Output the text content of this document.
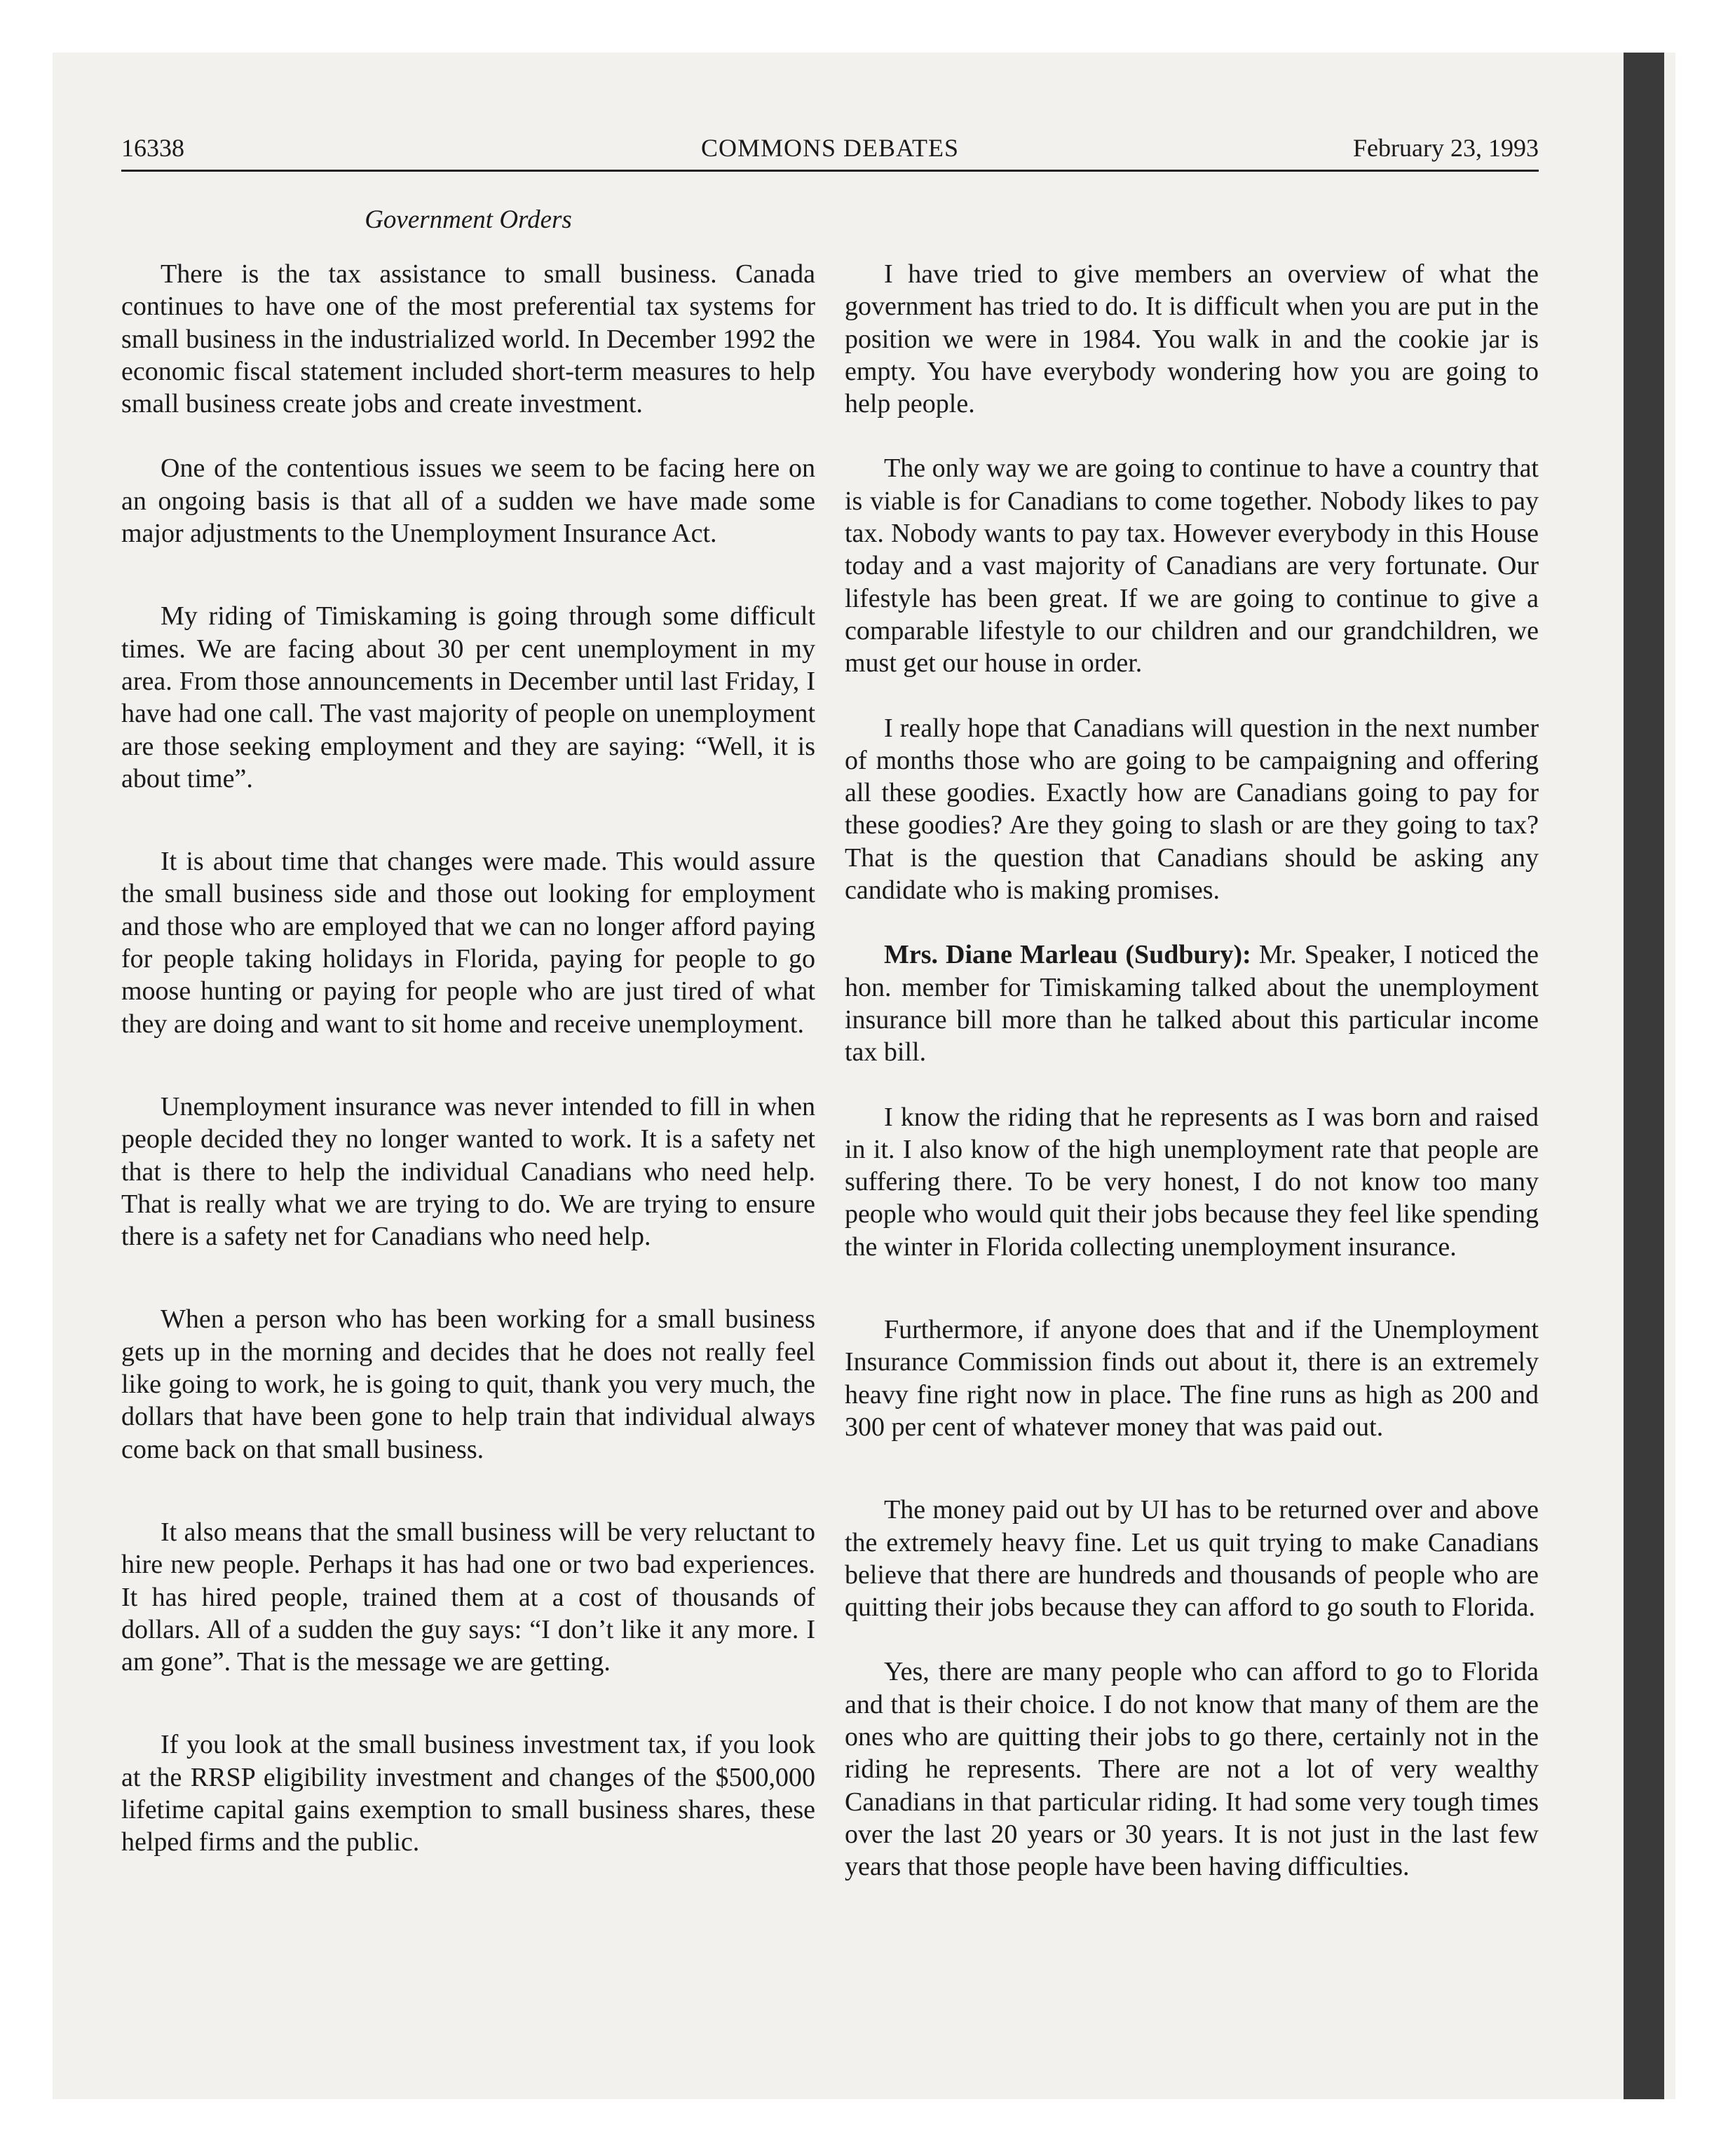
16338	COMMONS DEBATES	February 23, 1993
Government Orders

There is the tax assistance to small business. Canada continues to have one of the most preferential tax systems for small business in the industrialized world. In December 1992 the economic fiscal statement included short-term measures to help small business create jobs and create investment.

One of the contentious issues we seem to be facing here on an ongoing basis is that all of a sudden we have made some major adjustments to the Unemployment Insurance Act.

My riding of Timiskaming is going through some difficult times. We are facing about 30 per cent unemployment in my area. From those announcements in December until last Friday, I have had one call. The vast majority of people on unemployment are those seeking employment and they are saying: “Well, it is about time”.

It is about time that changes were made. This would assure the small business side and those out looking for employment and those who are employed that we can no longer afford paying for people taking holidays in Florida, paying for people to go moose hunting or paying for people who are just tired of what they are doing and want to sit home and receive unemployment.

Unemployment insurance was never intended to fill in when people decided they no longer wanted to work. It is a safety net that is there to help the individual Canadians who need help. That is really what we are trying to do. We are trying to ensure there is a safety net for Canadians who need help.

When a person who has been working for a small business gets up in the morning and decides that he does not really feel like going to work, he is going to quit, thank you very much, the dollars that have been gone to help train that individual always come back on that small business.

It also means that the small business will be very reluctant to hire new people. Perhaps it has had one or two bad experiences. It has hired people, trained them at a cost of thousands of dollars. All of a sudden the guy says: “I don’t like it any more. I am gone”. That is the message we are getting.

If you look at the small business investment tax, if you look at the RRSP eligibility investment and changes of the $500,000 lifetime capital gains exemption to small business shares, these helped firms and the public.

I have tried to give members an overview of what the government has tried to do. It is difficult when you are put in the position we were in 1984. You walk in and the cookie jar is empty. You have everybody wondering how you are going to help people.

The only way we are going to continue to have a country that is viable is for Canadians to come together. Nobody likes to pay tax. Nobody wants to pay tax. However everybody in this House today and a vast majority of Canadians are very fortunate. Our lifestyle has been great. If we are going to continue to give a comparable lifestyle to our children and our grandchildren, we must get our house in order.

I really hope that Canadians will question in the next number of months those who are going to be campaigning and offering all these goodies. Exactly how are Canadians going to pay for these goodies? Are they going to slash or are they going to tax? That is the question that Canadians should be asking any candidate who is making promises.

Mrs. Diane Marleau (Sudbury): Mr. Speaker, I noticed the hon. member for Timiskaming talked about the unemployment insurance bill more than he talked about this particular income tax bill.

I know the riding that he represents as I was born and raised in it. I also know of the high unemployment rate that people are suffering there. To be very honest, I do not know too many people who would quit their jobs because they feel like spending the winter in Florida collecting unemployment insurance.

Furthermore, if anyone does that and if the Unemployment Insurance Commission finds out about it, there is an extremely heavy fine right now in place. The fine runs as high as 200 and 300 per cent of whatever money that was paid out.

The money paid out by UI has to be returned over and above the extremely heavy fine. Let us quit trying to make Canadians believe that there are hundreds and thousands of people who are quitting their jobs because they can afford to go south to Florida.

Yes, there are many people who can afford to go to Florida and that is their choice. I do not know that many of them are the ones who are quitting their jobs to go there, certainly not in the riding he represents. There are not a lot of very wealthy Canadians in that particular riding. It had some very tough times over the last 20 years or 30 years. It is not just in the last few years that those people have been having difficulties.
